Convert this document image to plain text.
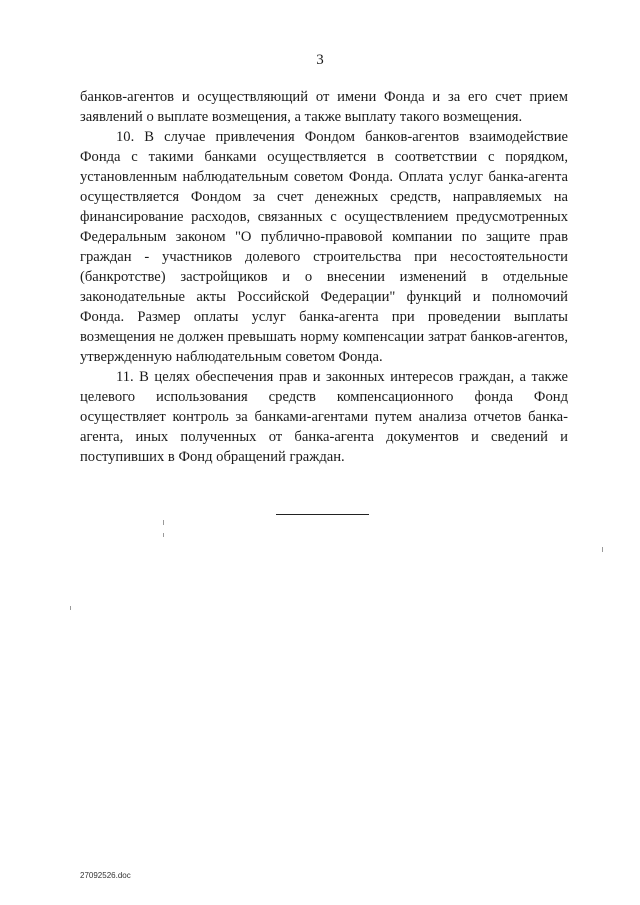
3

банков-агентов и осуществляющий от имени Фонда и за его счет прием заявлений о выплате возмещения, а также выплату такого возмещения.

10. В случае привлечения Фондом банков-агентов взаимодействие Фонда с такими банками осуществляется в соответствии с порядком, установленным наблюдательным советом Фонда. Оплата услуг банка-агента осуществляется Фондом за счет денежных средств, направляемых на финансирование расходов, связанных с осуществлением предусмотренных Федеральным законом "О публично-правовой компании по защите прав граждан - участников долевого строительства при несостоятельности (банкротстве) застройщиков и о внесении изменений в отдельные законодательные акты Российской Федерации" функций и полномочий Фонда. Размер оплаты услуг банка-агента при проведении выплаты возмещения не должен превышать норму компенсации затрат банков-агентов, утвержденную наблюдательным советом Фонда.

11. В целях обеспечения прав и законных интересов граждан, а также целевого использования средств компенсационного фонда Фонд осуществляет контроль за банками-агентами путем анализа отчетов банка-агента, иных полученных от банка-агента документов и сведений и поступивших в Фонд обращений граждан.

27092526.doc
